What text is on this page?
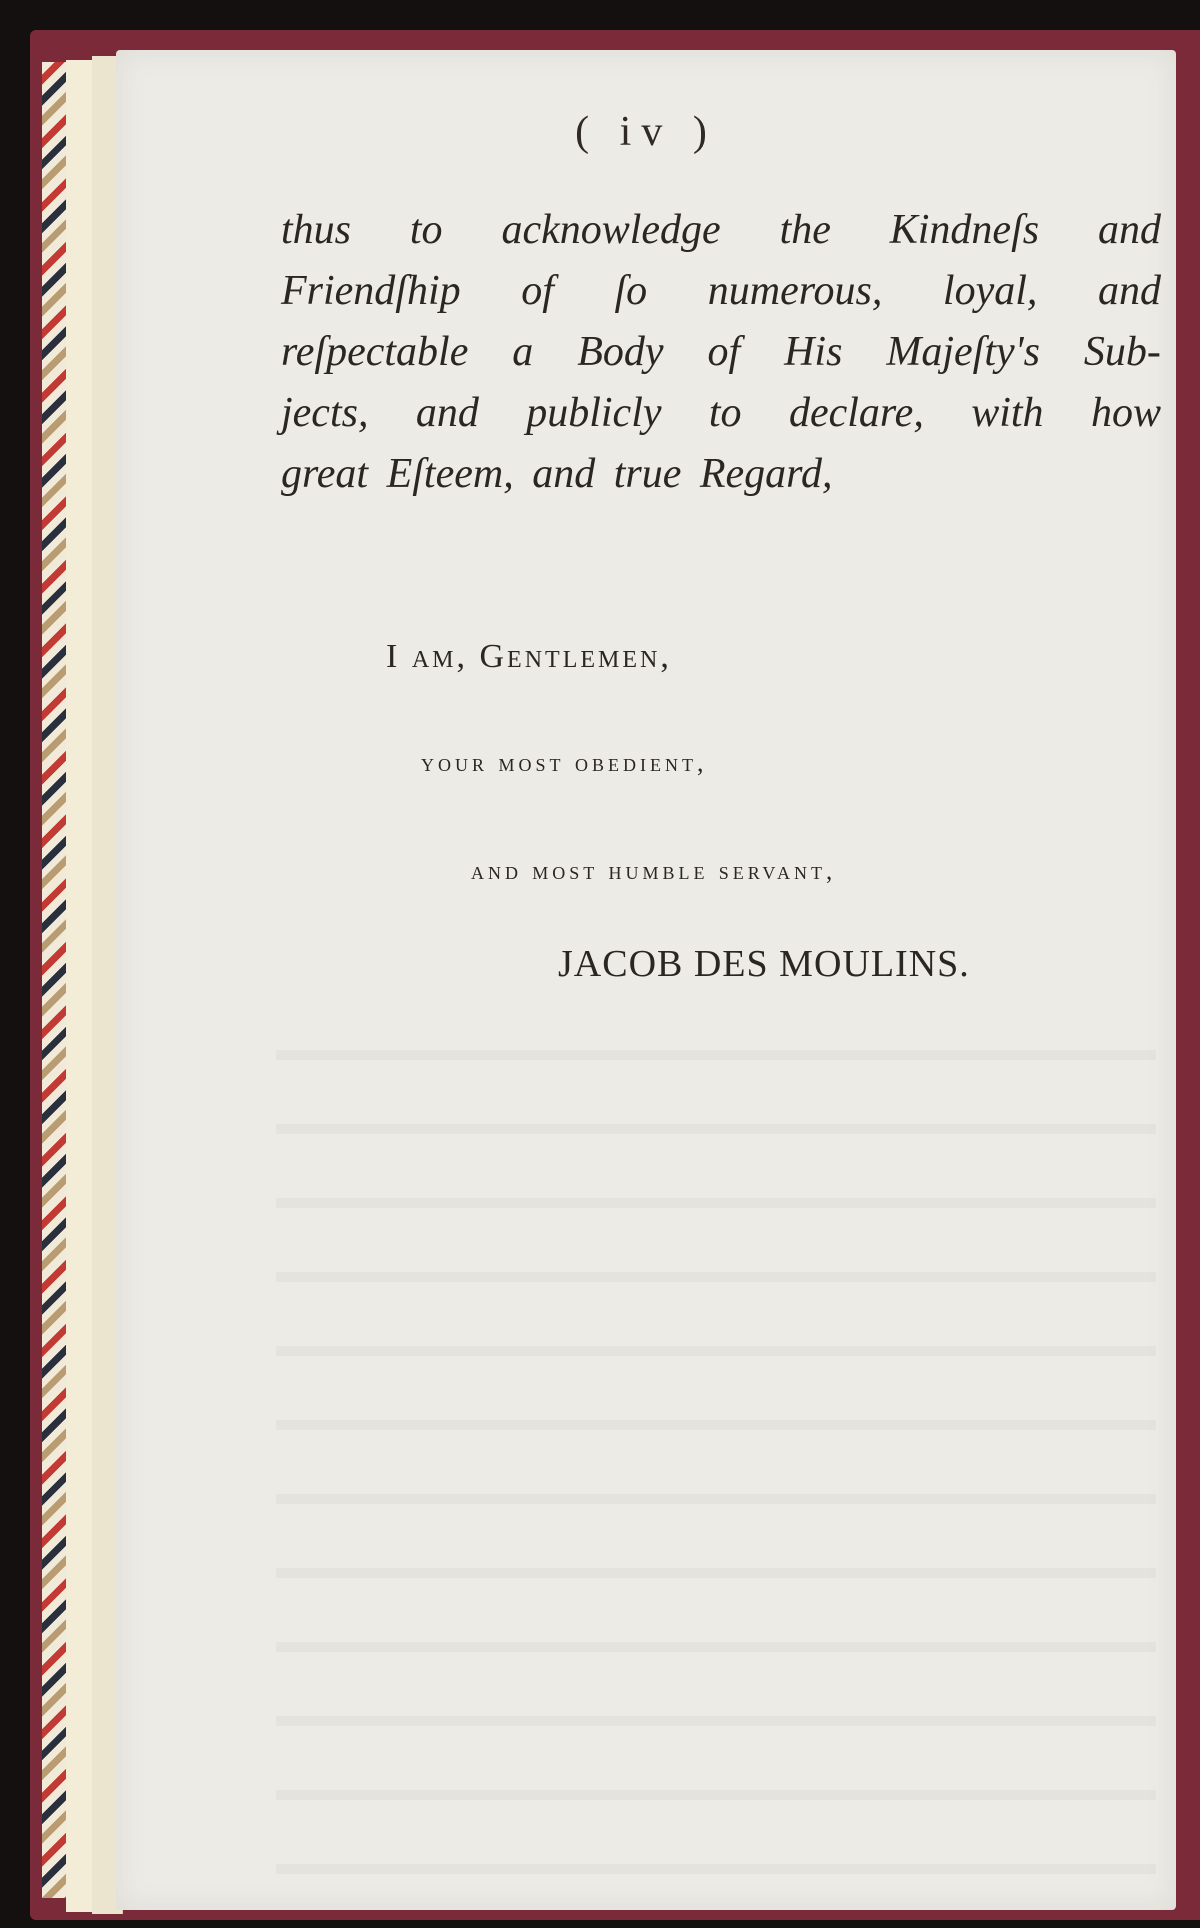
( iv )
thus to acknowledge the Kindneſs and
Friendſhip of ſo numerous, loyal, and
reſpectable a Body of His Majeſty's Sub-
jects, and publicly to declare, with how
great
Eſteem,
and
true
Regard,
I am, Gentlemen,
your most obedient,
and most humble servant,
JACOB DES MOULINS.
